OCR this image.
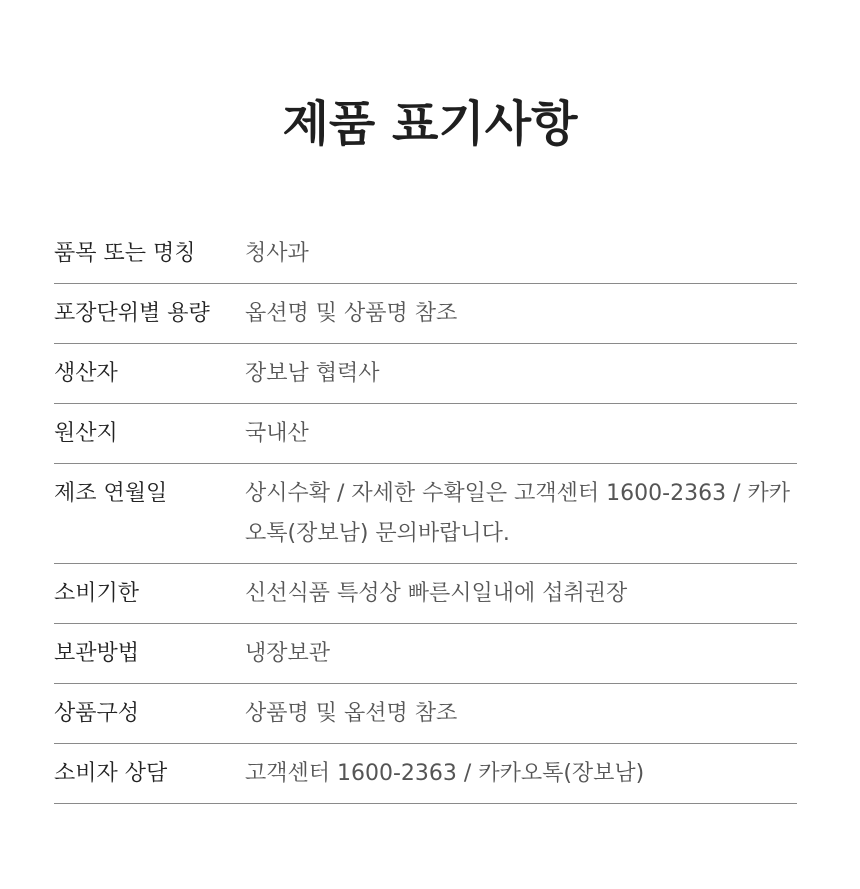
제품 표기사항
품목 또는 명칭	청사과
포장단위별 용량	옵션명 및 상품명 참조
생산자	장보남 협력사
원산지	국내산
제조 연월일	상시수확 / 자세한 수확일은 고객센터 1600-2363 / 카카오톡(장보남) 문의바랍니다.
소비기한	신선식품 특성상 빠른시일내에 섭취권장
보관방법	냉장보관
상품구성	상품명 및 옵션명 참조
소비자 상담	고객센터 1600-2363 / 카카오톡(장보남)
